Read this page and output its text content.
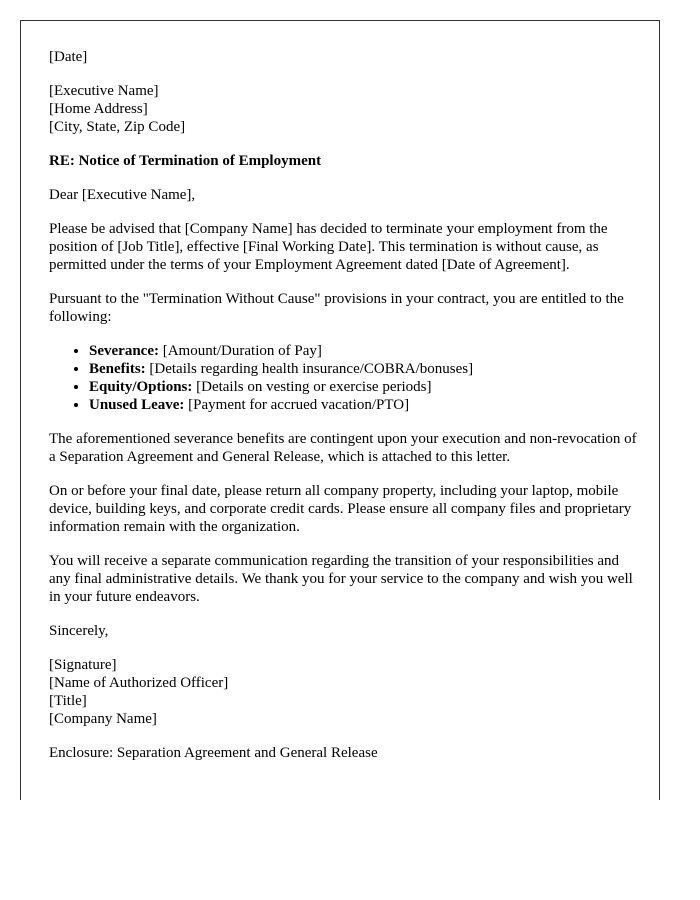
[Date]

[Executive Name]
[Home Address]
[City, State, Zip Code]

RE: Notice of Termination of Employment

Dear [Executive Name],

Please be advised that [Company Name] has decided to terminate your employment from the position of [Job Title], effective [Final Working Date]. This termination is without cause, as permitted under the terms of your Employment Agreement dated [Date of Agreement].

Pursuant to the "Termination Without Cause" provisions in your contract, you are entitled to the following:

• Severance: [Amount/Duration of Pay]
• Benefits: [Details regarding health insurance/COBRA/bonuses]
• Equity/Options: [Details on vesting or exercise periods]
• Unused Leave: [Payment for accrued vacation/PTO]

The aforementioned severance benefits are contingent upon your execution and non-revocation of a Separation Agreement and General Release, which is attached to this letter.

On or before your final date, please return all company property, including your laptop, mobile device, building keys, and corporate credit cards. Please ensure all company files and proprietary information remain with the organization.

You will receive a separate communication regarding the transition of your responsibilities and any final administrative details. We thank you for your service to the company and wish you well in your future endeavors.

Sincerely,

[Signature]
[Name of Authorized Officer]
[Title]
[Company Name]

Enclosure: Separation Agreement and General Release
